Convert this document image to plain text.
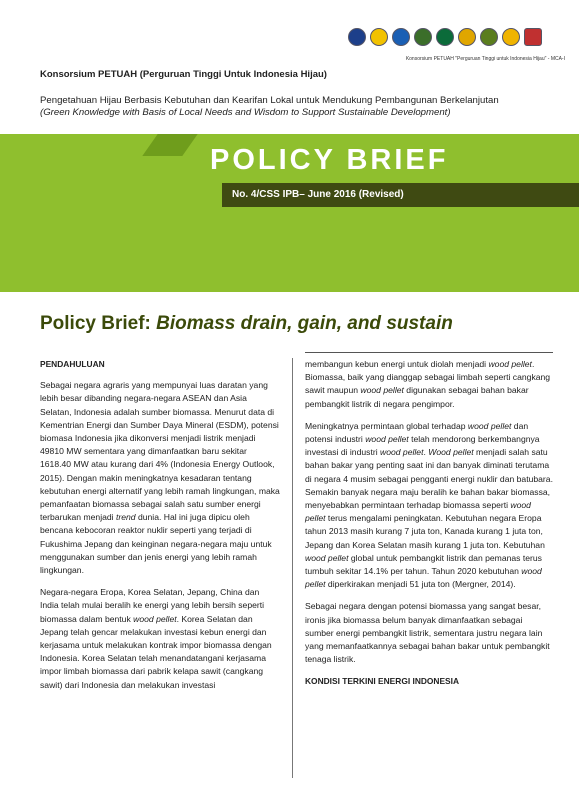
Konsorsium PETUAH "Perguruan Tinggi untuk Indonesia Hijau" - MCA-I
Konsorsium PETUAH (Perguruan Tinggi Untuk Indonesia Hijau)
Pengetahuan Hijau Berbasis Kebutuhan dan Kearifan Lokal untuk Mendukung Pembangunan Berkelanjutan
(Green Knowledge with Basis of Local Needs and Wisdom to Support Sustainable Development)
POLICY BRIEF
No. 4/CSS IPB– June 2016 (Revised)
Policy Brief: Biomass drain, gain, and sustain
PENDAHULUAN

Sebagai negara agraris yang mempunyai luas daratan yang lebih besar dibanding negara-negara ASEAN dan Asia Selatan, Indonesia adalah sumber biomassa. Menurut data di Kementrian Energi dan Sumber Daya Mineral (ESDM), potensi biomasa Indonesia jika dikonversi menjadi listrik menjadi 49810 MW sementara yang dimanfaatkan baru sekitar 1618.40 MW atau kurang dari 4% (Indonesia Energy Outlook, 2015). Dengan makin meningkatnya kesadaran tentang kebutuhan energi alternatif yang lebih ramah lingkungan, maka pemanfaatan biomassa sebagai salah satu sumber energi terbarukan menjadi trend dunia. Hal ini juga dipicu oleh bencana kebocoran reaktor nuklir seperti yang terjadi di Fukushima Jepang dan keinginan negara-negara maju untuk menggunakan sumber dan jenis energi yang lebih ramah lingkungan.

Negara-negara Eropa, Korea Selatan, Jepang, China dan India telah mulai beralih ke energi yang lebih bersih seperti biomassa dalam bentuk wood pellet. Korea Selatan dan Jepang telah gencar melakukan investasi kebun energi dan kerjasama untuk melakukan kontrak impor biomassa dengan Indonesia. Korea Selatan telah menandatangani kerjasama impor limbah biomassa dari pabrik kelapa sawit (cangkang sawit) dari Indonesia dan melakukan investasi

membangun kebun energi untuk diolah menjadi wood pellet. Biomassa, baik yang dianggap sebagai limbah seperti cangkang sawit maupun wood pellet digunakan sebagai bahan bakar pembangkit listrik di negara pengimpor.

Meningkatnya permintaan global terhadap wood pellet dan potensi industri wood pellet telah mendorong berkembangnya investasi di industri wood pellet. Wood pellet menjadi salah satu bahan bakar yang penting saat ini dan banyak diminati terutama di negara 4 musim sebagai pengganti energi nuklir dan batubara. Semakin banyak negara maju beralih ke bahan bakar biomassa, menyebabkan permintaan terhadap biomassa seperti wood pellet terus mengalami peningkatan. Kebutuhan negara Eropa tahun 2013 masih kurang 7 juta ton, Kanada kurang 1 juta ton, Jepang dan Korea Selatan masih kurang 1 juta ton. Kebutuhan wood pellet global untuk pembangkit listrik dan pemanas terus tumbuh sekitar 14.1% per tahun. Tahun 2020 kebutuhan wood pellet diperkirakan menjadi 51 juta ton (Mergner, 2014).

Sebagai negara dengan potensi biomassa yang sangat besar, ironis jika biomassa belum banyak dimanfaatkan sebagai sumber energi pembangkit listrik, sementara justru negara lain yang memanfaatkannya sebagai bahan bakar untuk pembangkit tenaga listrik.

KONDISI TERKINI ENERGI INDONESIA
